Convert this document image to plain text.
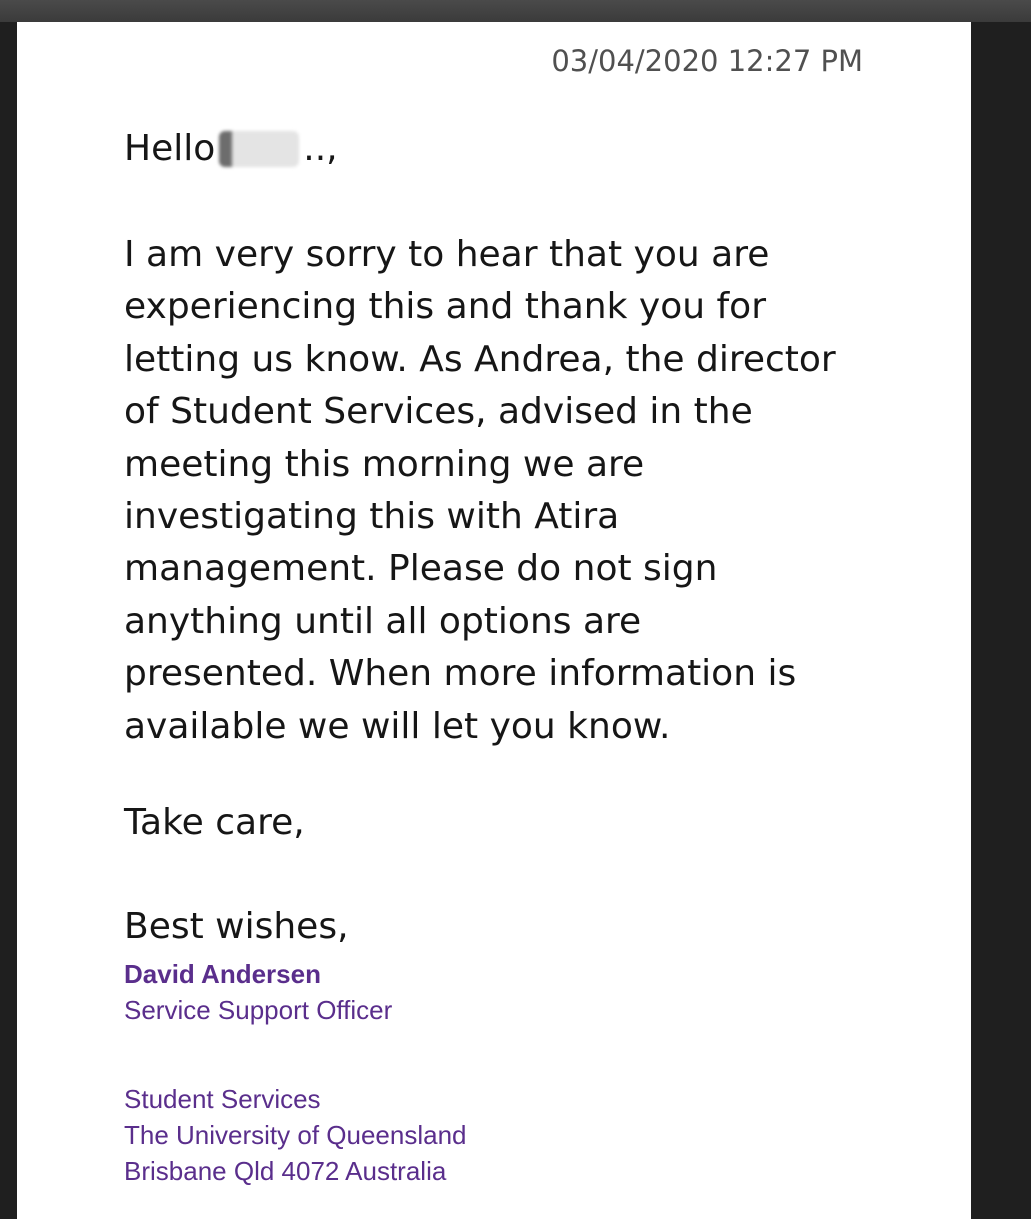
03/04/2020 12:27 PM
Hello ..,

I am very sorry to hear that you are
experiencing this and thank you for
letting us know. As Andrea, the director
of Student Services, advised in the
meeting this morning we are
investigating this with Atira
management. Please do not sign
anything until all options are
presented. When more information is
available we will let you know.

Take care,
Best wishes,
David Andersen
Service Support Officer
Student Services
The University of Queensland
Brisbane Qld 4072 Australia
